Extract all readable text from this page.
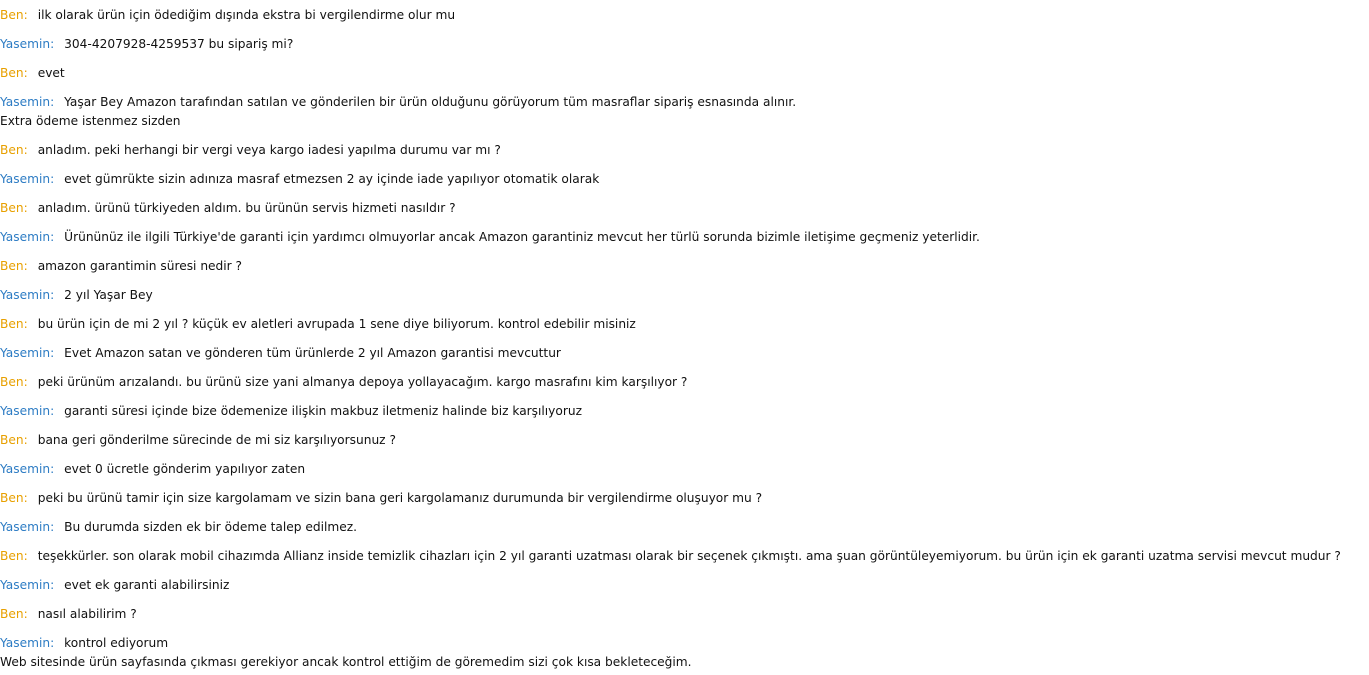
Ben: ilk olarak ürün için ödediğim dışında ekstra bi vergilendirme olur mu
Yasemin: 304-4207928-4259537 bu sipariş mi?
Ben: evet
Yasemin: Yaşar Bey Amazon tarafından satılan ve gönderilen bir ürün olduğunu görüyorum tüm masraflar sipariş esnasında alınır.
Extra ödeme istenmez sizden
Ben: anladım. peki herhangi bir vergi veya kargo iadesi yapılma durumu var mı ?
Yasemin: evet gümrükte sizin adınıza masraf etmezsen 2 ay içinde iade yapılıyor otomatik olarak
Ben: anladım. ürünü türkiyeden aldım. bu ürünün servis hizmeti nasıldır ?
Yasemin: Ürününüz ile ilgili Türkiye'de garanti için yardımcı olmuyorlar ancak Amazon garantiniz mevcut her türlü sorunda bizimle iletişime geçmeniz yeterlidir.
Ben: amazon garantimin süresi nedir ?
Yasemin: 2 yıl Yaşar Bey
Ben: bu ürün için de mi 2 yıl ? küçük ev aletleri avrupada 1 sene diye biliyorum. kontrol edebilir misiniz
Yasemin: Evet Amazon satan ve gönderen tüm ürünlerde 2 yıl Amazon garantisi mevcuttur
Ben: peki ürünüm arızalandı. bu ürünü size yani almanya depoya yollayacağım. kargo masrafını kim karşılıyor ?
Yasemin: garanti süresi içinde bize ödemenize ilişkin makbuz iletmeniz halinde biz karşılıyoruz
Ben: bana geri gönderilme sürecinde de mi siz karşılıyorsunuz ?
Yasemin: evet 0 ücretle gönderim yapılıyor zaten
Ben: peki bu ürünü tamir için size kargolamam ve sizin bana geri kargolamanız durumunda bir vergilendirme oluşuyor mu ?
Yasemin: Bu durumda sizden ek bir ödeme talep edilmez.
Ben: teşekkürler. son olarak mobil cihazımda Allianz inside temizlik cihazları için 2 yıl garanti uzatması olarak bir seçenek çıkmıştı. ama şuan görüntüleyemiyorum. bu ürün için ek garanti uzatma servisi mevcut mudur ?
Yasemin: evet ek garanti alabilirsiniz
Ben: nasıl alabilirim ?
Yasemin: kontrol ediyorum
Web sitesinde ürün sayfasında çıkması gerekiyor ancak kontrol ettiğim de göremedim sizi çok kısa bekleteceğim.
